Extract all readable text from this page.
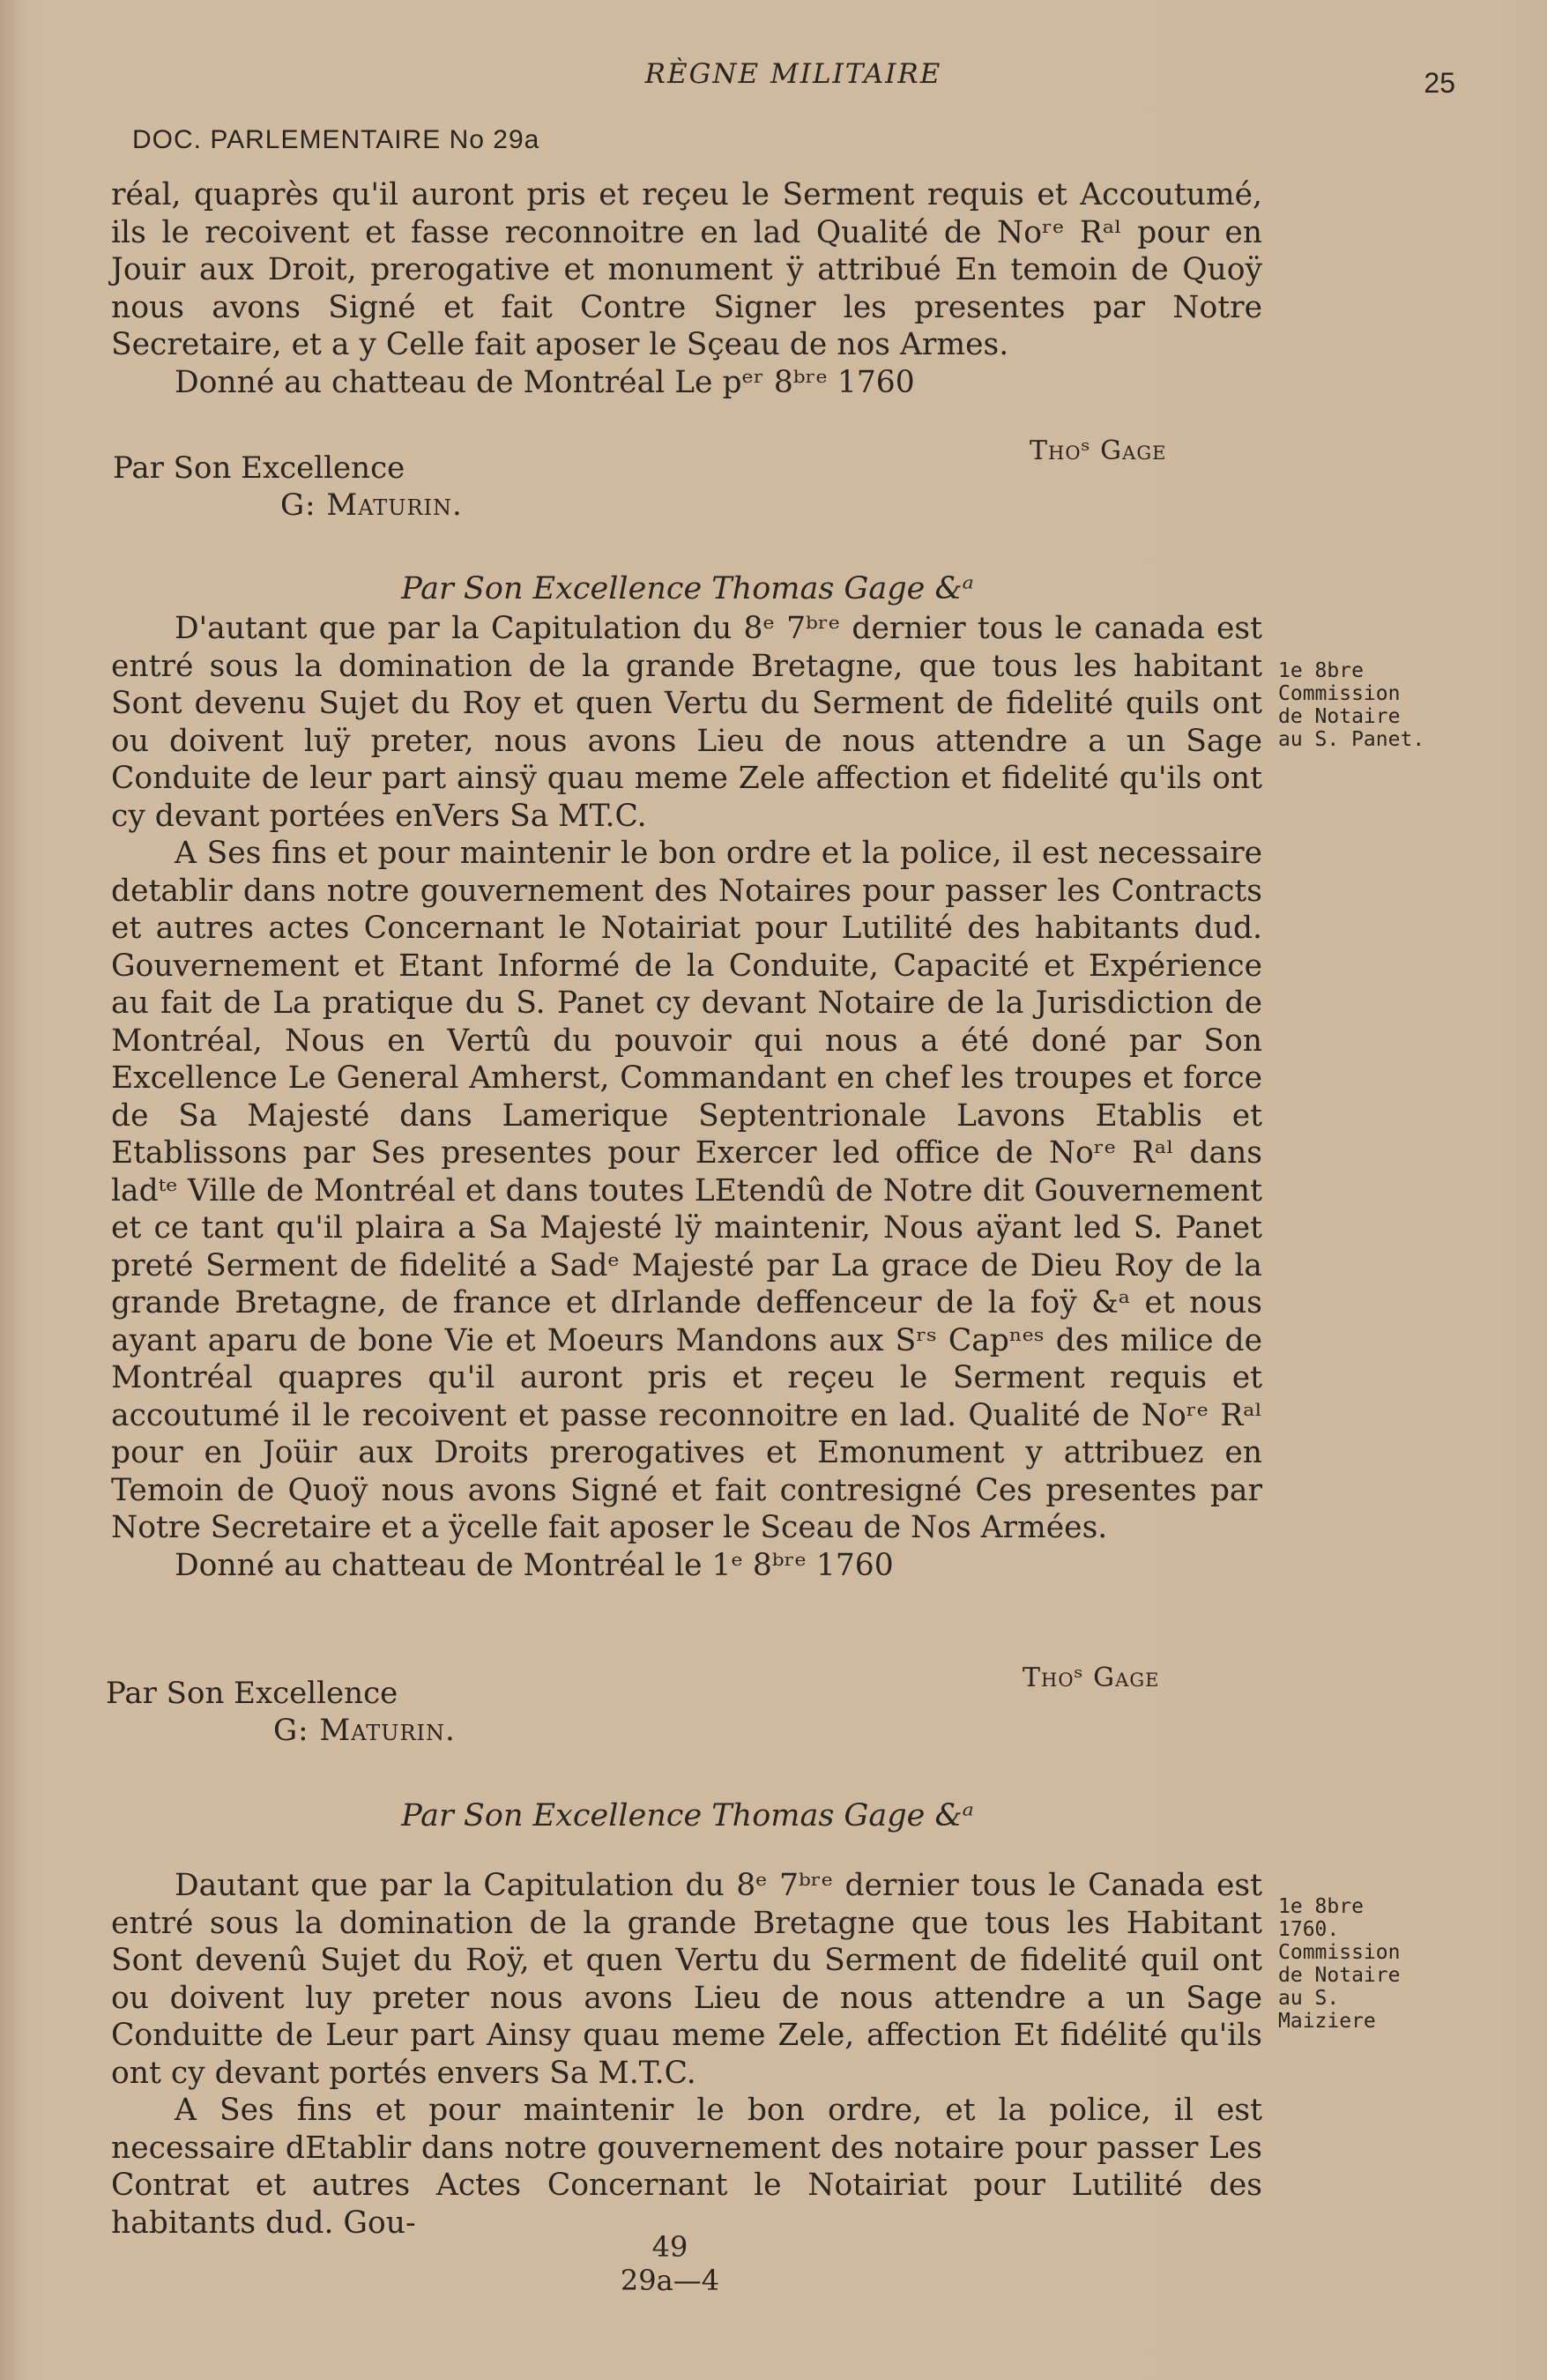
RÈGNE MILITAIRE	25
DOC. PARLEMENTAIRE No 29a

réal, quaprès qu'il auront pris et reçeu le Serment requis et Accoutumé, ils le recoivent et fasse reconnoitre en lad Qualité de Noʳᵉ Rᵃˡ pour en Jouir aux Droit, prerogative et monument ÿ attribué En temoin de Quoÿ nous avons Signé et fait Contre Signer les presentes par Notre Secretaire, et a y Celle fait aposer le Sçeau de nos Armes.

Donné au chatteau de Montréal Le pᵉʳ 8ᵇʳᵉ 1760

Thoˢ Gage
Par Son Excellence
G: Maturin.
Par Son Excellence Thomas Gage &ᵃ
1e 8bre
Commission
de Notaire
au S. Panet.

D'autant que par la Capitulation du 8ᵉ 7ᵇʳᵉ dernier tous le canada est entré sous la domination de la grande Bretagne, que tous les habitant Sont devenu Sujet du Roy et quen Vertu du Serment de fidelité quils ont ou doivent luÿ preter, nous avons Lieu de nous attendre a un Sage Conduite de leur part ainsÿ quau meme Zele affection et fidelité qu'ils ont cy devant portées enVers Sa MT.C.

A Ses fins et pour maintenir le bon ordre et la police, il est necessaire detablir dans notre gouvernement des Notaires pour passer les Contracts et autres actes Concernant le Notairiat pour Lutilité des habitants dud. Gouvernement et Etant Informé de la Conduite, Capacité et Expérience au fait de La pratique du S. Panet cy devant Notaire de la Jurisdiction de Montréal, Nous en Vertû du pouvoir qui nous a été doné par Son Excellence Le General Amherst, Commandant en chef les troupes et force de Sa Majesté dans Lamerique Septentrionale Lavons Etablis et Etablissons par Ses presentes pour Exercer led office de Noʳᵉ Rᵃˡ dans ladᵗᵉ Ville de Montréal et dans toutes LEtendû de Notre dit Gouvernement et ce tant qu'il plaira a Sa Majesté lÿ maintenir, Nous aÿant led S. Panet preté Serment de fidelité a Sadᵉ Majesté par La grace de Dieu Roy de la grande Bretagne, de france et dIrlande deffenceur de la foÿ &ᵃ et nous ayant aparu de bone Vie et Moeurs Mandons aux Sʳˢ Capⁿᵉˢ des milice de Montréal quapres qu'il auront pris et reçeu le Serment requis et accoutumé il le recoivent et passe reconnoitre en lad. Qualité de Noʳᵉ Rᵃˡ pour en Joüir aux Droits prerogatives et Emonument y attribuez en Temoin de Quoÿ nous avons Signé et fait contresigné Ces presentes par Notre Secretaire et a ÿcelle fait aposer le Sceau de Nos Armées.

Donné au chatteau de Montréal le 1ᵉ 8ᵇʳᵉ 1760

Thoˢ Gage
Par Son Excellence
G: Maturin.
Par Son Excellence Thomas Gage &ᵃ
1e 8bre
1760.
Commission
de Notaire
au S.
Maiziere

Dautant que par la Capitulation du 8ᵉ 7ᵇʳᵉ dernier tous le Canada est entré sous la domination de la grande Bretagne que tous les Habitant Sont devenû Sujet du Roÿ, et quen Vertu du Serment de fidelité quil ont ou doivent luy preter nous avons Lieu de nous attendre a un Sage Conduitte de Leur part Ainsy quau meme Zele, affection Et fidélité qu'ils ont cy devant portés envers Sa M.T.C.

A Ses fins et pour maintenir le bon ordre, et la police, il est necessaire dEtablir dans notre gouvernement des notaire pour passer Les Contrat et autres Actes Concernant le Notairiat pour Lutilité des habitants dud. Gou-

49
29a—4
